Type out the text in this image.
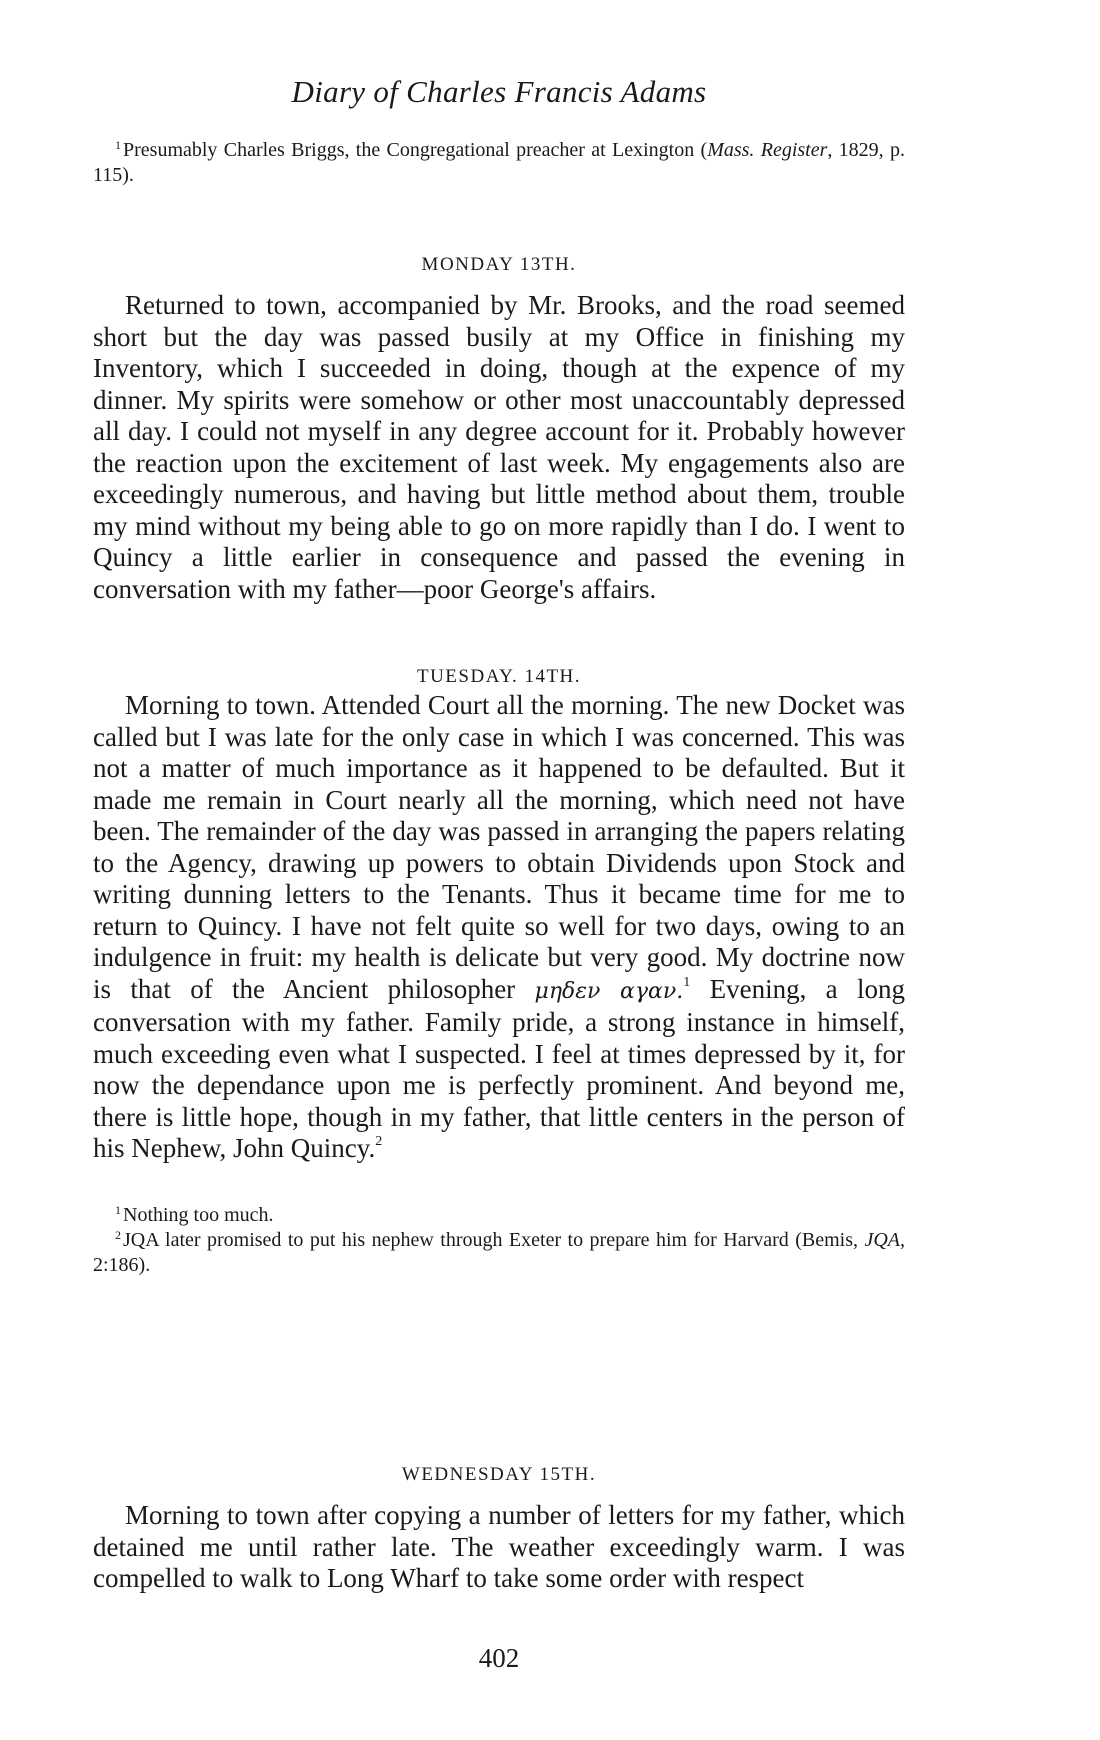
Diary of Charles Francis Adams

$^1$ Presumably Charles Briggs, the Congregational preacher at Lexington (Mass. Register, 1829, p. 115).

MONDAY 13TH.

Returned to town, accompanied by Mr. Brooks, and the road seemed short but the day was passed busily at my Office in finishing my Inventory, which I succeeded in doing, though at the expence of my dinner. My spirits were somehow or other most unaccountably depressed all day. I could not myself in any degree account for it. Probably however the reaction upon the excitement of last week. My engagements also are exceedingly numerous, and having but little method about them, trouble my mind without my being able to go on more rapidly than I do. I went to Quincy a little earlier in consequence and passed the evening in conversation with my father—poor George's affairs.

TUESDAY. 14TH.

Morning to town. Attended Court all the morning. The new Docket was called but I was late for the only case in which I was concerned. This was not a matter of much importance as it happened to be defaulted. But it made me remain in Court nearly all the morning, which need not have been. The remainder of the day was passed in arranging the papers relating to the Agency, drawing up powers to obtain Dividends upon Stock and writing dunning letters to the Tenants. Thus it became time for me to return to Quincy. I have not felt quite so well for two days, owing to an indulgence in fruit: my health is delicate but very good. My doctrine now is that of the Ancient philosopher μηδεν αγαν.$^1$ Evening, a long conversation with my father. Family pride, a strong instance in himself, much exceeding even what I suspected. I feel at times depressed by it, for now the dependance upon me is perfectly prominent. And beyond me, there is little hope, though in my father, that little centers in the person of his Nephew, John Quincy.$^2$

$^1$ Nothing too much.

$^2$ JQA later promised to put his nephew through Exeter to prepare him for Harvard (Bemis, JQA, 2:186).

WEDNESDAY 15TH.

Morning to town after copying a number of letters for my father, which detained me until rather late. The weather exceedingly warm. I was compelled to walk to Long Wharf to take some order with respect

402
